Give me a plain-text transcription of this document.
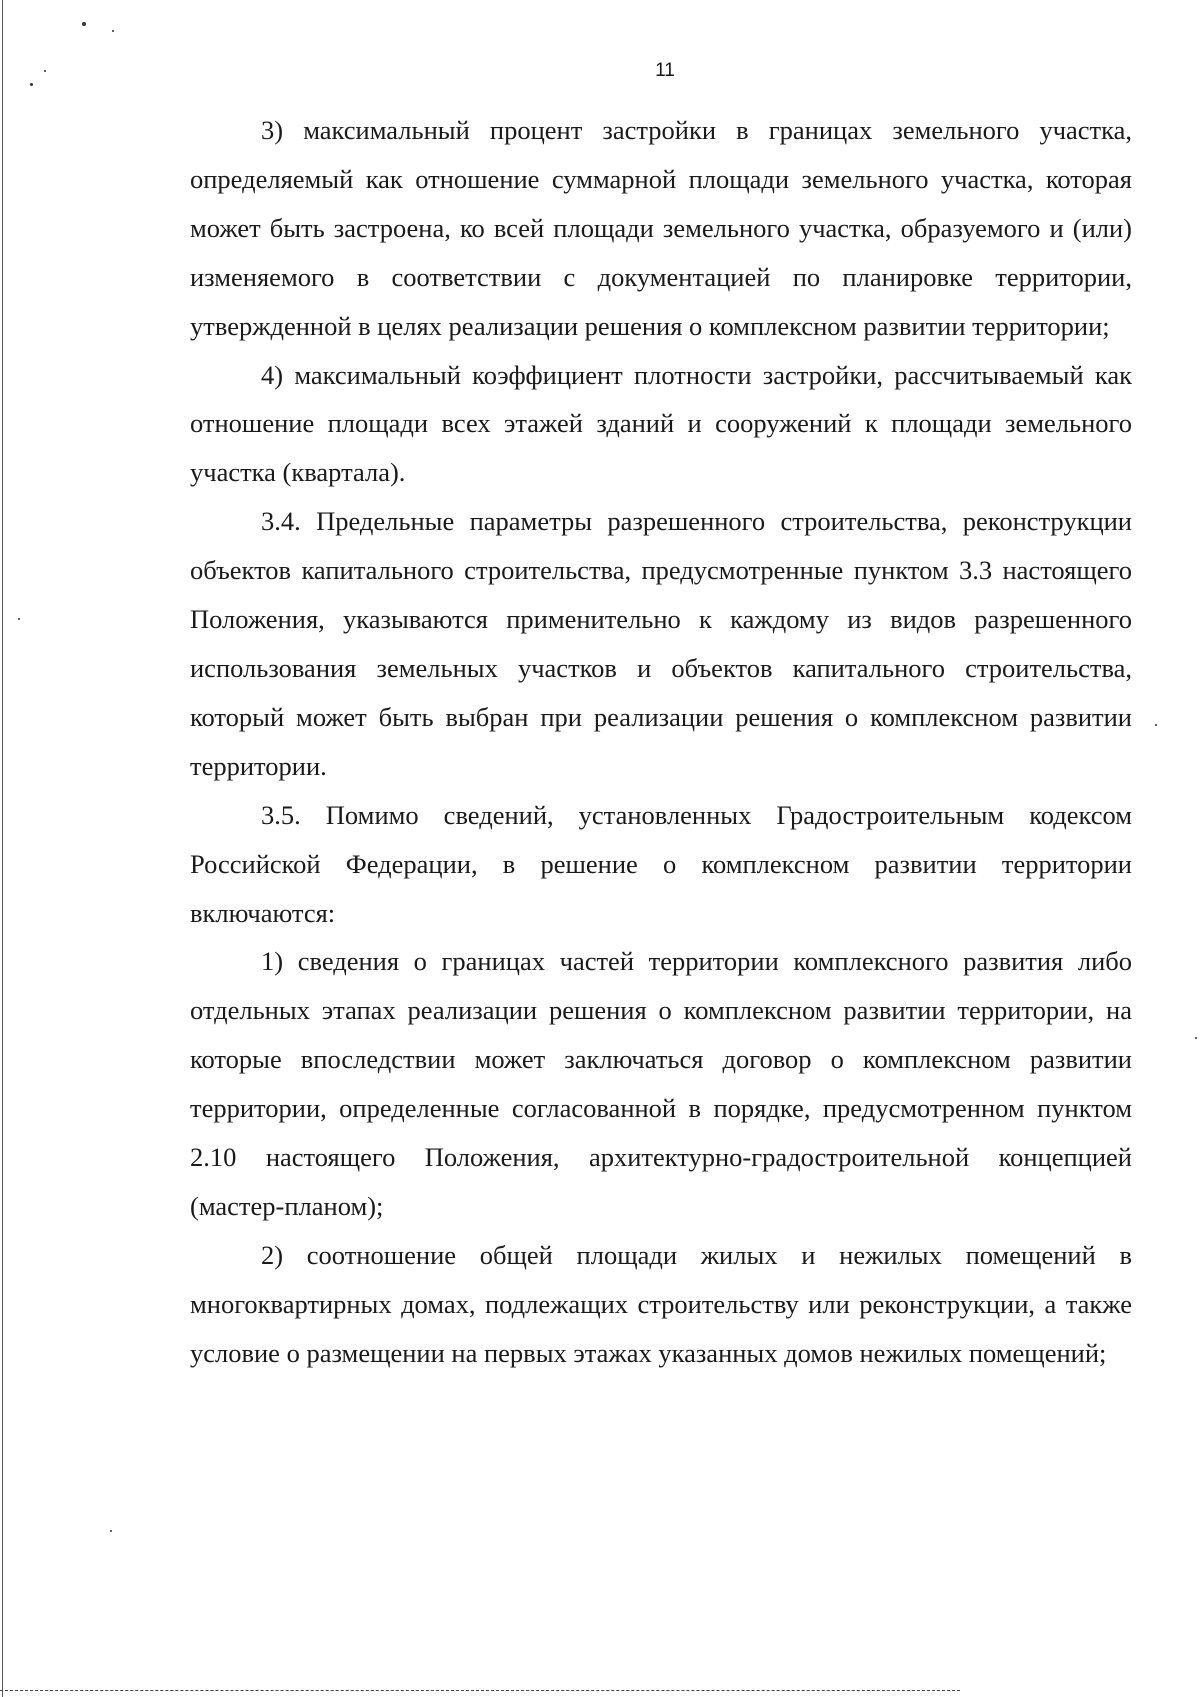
11

3) максимальный процент застройки в границах земельного участка, определяемый как отношение суммарной площади земельного участка, которая может быть застроена, ко всей площади земельного участка, образуемого и (или) изменяемого в соответствии с документацией по планировке территории, утвержденной в целях реализации решения о комплексном развитии территории;

4) максимальный коэффициент плотности застройки, рассчитываемый как отношение площади всех этажей зданий и сооружений к площади земельного участка (квартала).

3.4. Предельные параметры разрешенного строительства, реконструкции объектов капитального строительства, предусмотренные пунктом 3.3 настоящего Положения, указываются применительно к каждому из видов разрешенного использования земельных участков и объектов капитального строительства, который может быть выбран при реализации решения о комплексном развитии территории.

3.5. Помимо сведений, установленных Градостроительным кодексом Российской Федерации, в решение о комплексном развитии территории включаются:

1) сведения о границах частей территории комплексного развития либо отдельных этапах реализации решения о комплексном развитии территории, на которые впоследствии может заключаться договор о комплексном развитии территории, определенные согласованной в порядке, предусмотренном пунктом 2.10 настоящего Положения, архитектурно-градостроительной концепцией (мастер-планом);

2) соотношение общей площади жилых и нежилых помещений в многоквартирных домах, подлежащих строительству или реконструкции, а также условие о размещении на первых этажах указанных домов нежилых помещений;
